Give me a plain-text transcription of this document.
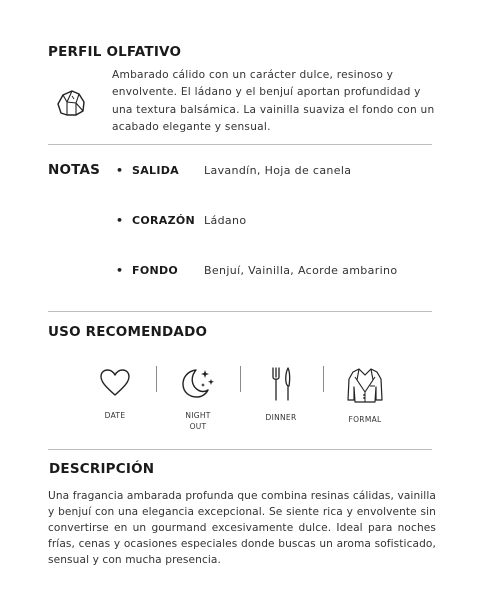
PERFIL OLFATIVO
Ambarado cálido con un carácter dulce, resinoso y envolvente. El ládano y el benjuí aportan profundidad y una textura balsámica. La vainilla suaviza el fondo con un acabado elegante y sensual.
NOTAS • SALIDA Lavandín, Hoja de canela
• CORAZÓN Ládano
• FONDO Benjuí, Vainilla, Acorde ambarino
USO RECOMENDADO
DATE	NIGHT
OUT
DINNER	FORMAL
DESCRIPCIÓN
Una fragancia ambarada profunda que combina resinas cálidas, vainilla y benjuí con una elegancia excepcional. Se siente rica y envolvente sin convertirse en un gourmand excesivamente dulce. Ideal para noches frías, cenas y ocasiones especiales donde buscas un aroma sofisticado, sensual y con mucha presencia.
